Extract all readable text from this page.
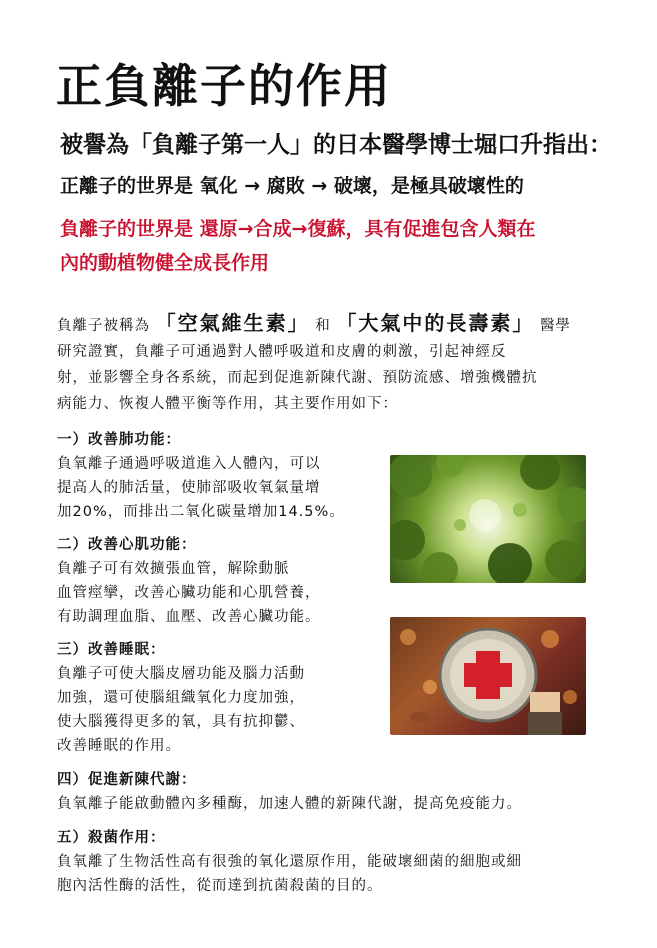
正負離子的作用
被譽為「負離子第一人」的日本醫學博士堀口升指出：
正離子的世界是 氧化 → 腐敗 → 破壞，是極具破壞性的
負離子的世界是 還原→合成→復蘇，具有促進包含人類在
內的動植物健全成長作用
負離子被稱為 「空氣維生素」 和 「大氣中的長壽素」 醫學
研究證實，負離子可通過對人體呼吸道和皮膚的刺激，引起神經反
射，並影響全身各系統，而起到促進新陳代謝、預防流感、增強機體抗
病能力、恢複人體平衡等作用，其主要作用如下：
一）改善肺功能：
負氧離子通過呼吸道進入人體內，可以
提高人的肺活量，使肺部吸收氧氣量增
加20%，而排出二氧化碳量增加14.5%。
二）改善心肌功能：
負離子可有效擴張血管，解除動脈
血管痙攣，改善心臟功能和心肌營養，
有助調理血脂、血壓、改善心臟功能。
三）改善睡眠：
負離子可使大腦皮層功能及腦力活動
加強，還可使腦組織氧化力度加強，
使大腦獲得更多的氧，具有抗抑鬱、
改善睡眠的作用。
四）促進新陳代謝：
負氧離子能啟動體內多種酶，加速人體的新陳代謝，提高免疫能力。
五）殺菌作用：
負氧離了生物活性高有很強的氧化還原作用，能破壞細菌的細胞或細
胞內活性酶的活性，從而達到抗菌殺菌的目的。
